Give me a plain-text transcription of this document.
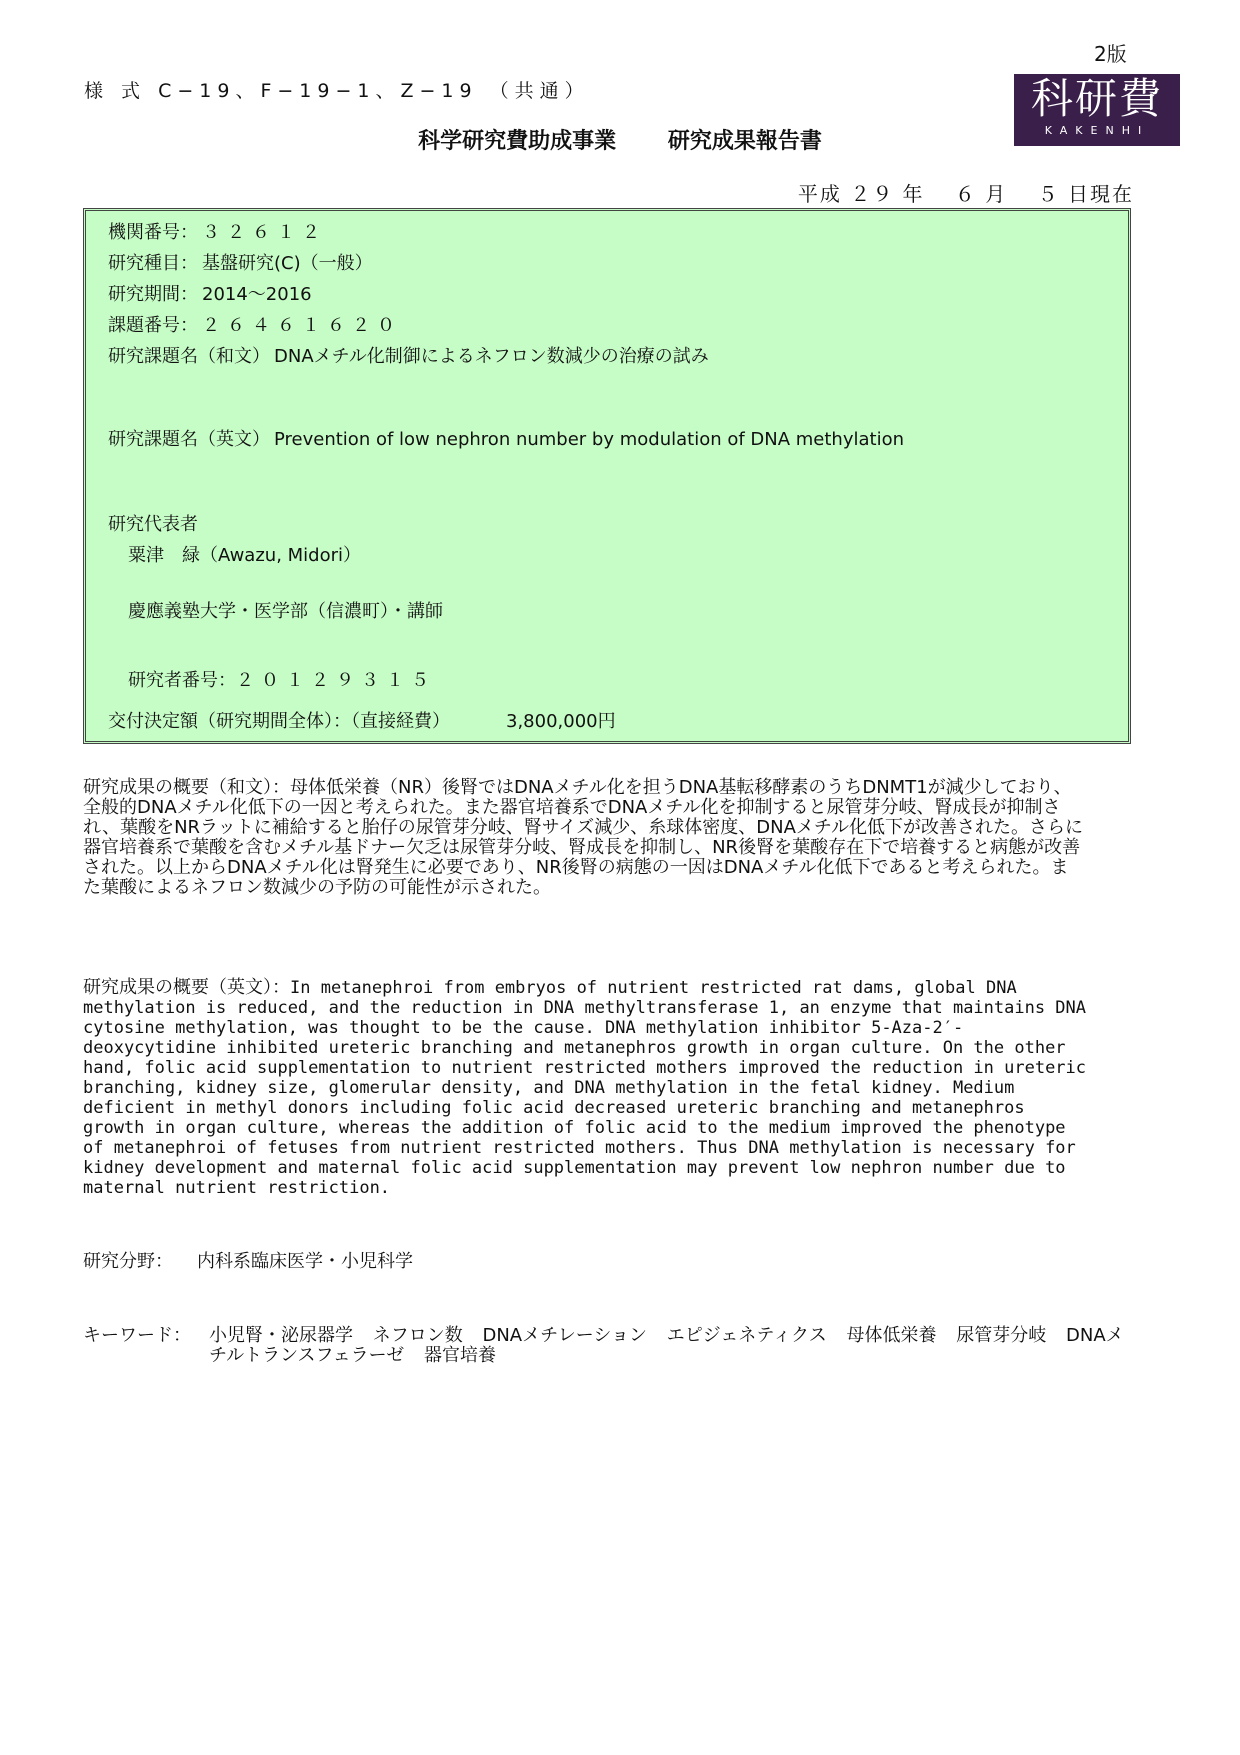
2版
様 式 C−19、F−19−1、Z−19 （共通）	科研費
KAKENHI
科学研究費助成事業 研究成果報告書
平成 ２９ 年　 ６ 月　 ５ 日現在
機関番号： ３２６１２
研究種目： 基盤研究(C)（一般）
研究期間： 2014～2016
課題番号： ２６４６１６２０
研究課題名（和文） DNAメチル化制御によるネフロン数減少の治療の試み
研究課題名（英文） Prevention of low nephron number by modulation of DNA methylation
研究代表者
粟津　緑（Awazu, Midori）
慶應義塾大学・医学部（信濃町）・講師
研究者番号：２０１２９３１５
交付決定額（研究期間全体）：（直接経費）	3,800,000円
研究成果の概要（和文）：母体低栄養（NR）後腎ではDNAメチル化を担うDNA基転移酵素のうちDNMT1が減少しており、全般的DNAメチル化低下の一因と考えられた。また器官培養系でDNAメチル化を抑制すると尿管芽分岐、腎成長が抑制され、葉酸をNRラットに補給すると胎仔の尿管芽分岐、腎サイズ減少、糸球体密度、DNAメチル化低下が改善された。さらに器官培養系で葉酸を含むメチル基ドナー欠乏は尿管芽分岐、腎成長を抑制し、NR後腎を葉酸存在下で培養すると病態が改善された。以上からDNAメチル化は腎発生に必要であり、NR後腎の病態の一因はDNAメチル化低下であると考えられた。また葉酸によるネフロン数減少の予防の可能性が示された。
研究成果の概要（英文）：In metanephroi from embryos of nutrient restricted rat dams, global DNA methylation is reduced, and the reduction in DNA methyltransferase 1, an enzyme that maintains DNA cytosine methylation, was thought to be the cause. DNA methylation inhibitor 5-Aza-2′-deoxycytidine inhibited ureteric branching and metanephros growth in organ culture. On the other hand, folic acid supplementation to nutrient restricted mothers improved the reduction in ureteric branching, kidney size, glomerular density, and DNA methylation in the fetal kidney. Medium deficient in methyl donors including folic acid decreased ureteric branching and metanephros growth in organ culture, whereas the addition of folic acid to the medium improved the phenotype of metanephroi of fetuses from nutrient restricted mothers. Thus DNA methylation is necessary for kidney development and maternal folic acid supplementation may prevent low nephron number due to maternal nutrient restriction.
研究分野： 内科系臨床医学・小児科学
キーワード：	小児腎・泌尿器学 ネフロン数 DNAメチレーション エピジェネティクス 母体低栄養 尿管芽分岐 DNAメチルトランスフェラーゼ 器官培養
